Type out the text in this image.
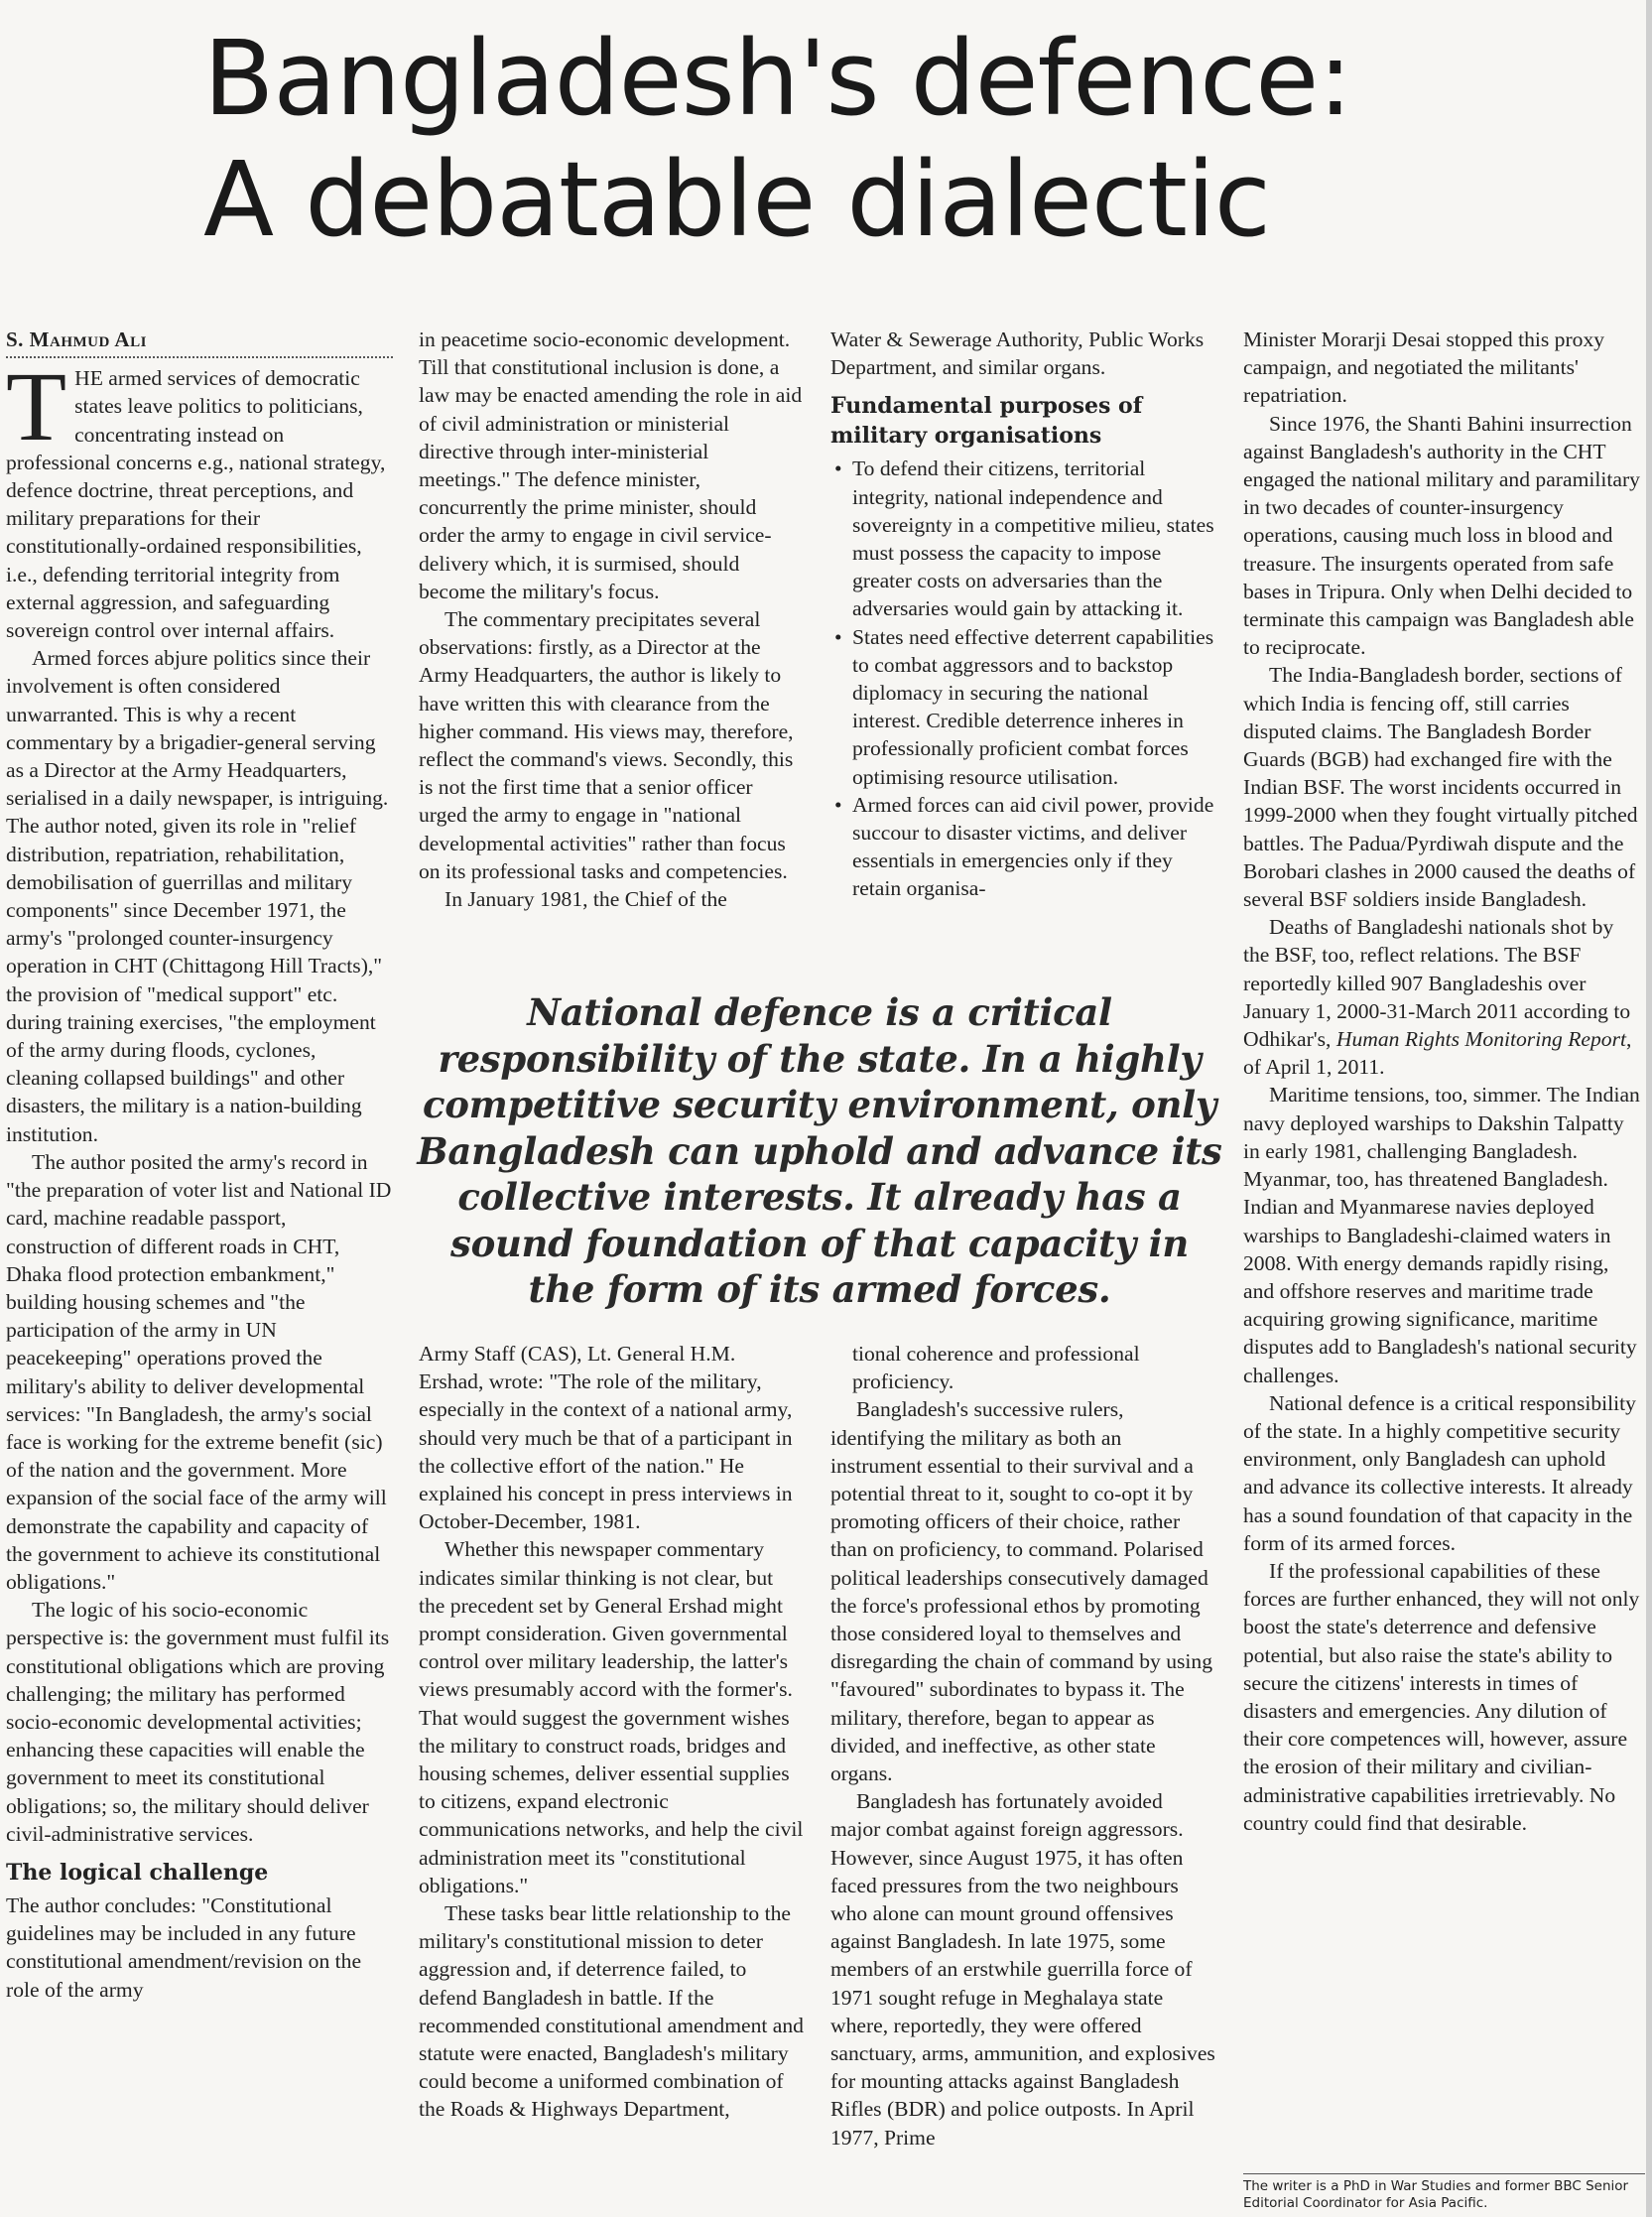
Bangladesh's defence:
A debatable dialectic
S. Mahmud Ali

THE armed services of democratic states leave politics to politicians, concentrating instead on professional concerns e.g., national strategy, defence doctrine, threat perceptions, and military preparations for their constitutionally-ordained responsibilities, i.e., defending territorial integrity from external aggression, and safeguarding sovereign control over internal affairs.

Armed forces abjure politics since their involvement is often considered unwarranted. This is why a recent commentary by a brigadier-general serving as a Director at the Army Headquarters, serialised in a daily newspaper, is intriguing. The author noted, given its role in "relief distribution, repatriation, rehabilitation, demobilisation of guerrillas and military components" since December 1971, the army's "prolonged counter-insurgency operation in CHT (Chittagong Hill Tracts)," the provision of "medical support" etc. during training exercises, "the employment of the army during floods, cyclones, cleaning collapsed buildings" and other disasters, the military is a nation-building institution.

The author posited the army's record in "the preparation of voter list and National ID card, machine readable passport, construction of different roads in CHT, Dhaka flood protection embankment," building housing schemes and "the participation of the army in UN peacekeeping" operations proved the military's ability to deliver developmental services: "In Bangladesh, the army's social face is working for the extreme benefit (sic) of the nation and the government. More expansion of the social face of the army will demonstrate the capability and capacity of the government to achieve its constitutional obligations."

The logic of his socio-economic perspective is: the government must fulfil its constitutional obligations which are proving challenging; the military has performed socio-economic developmental activities; enhancing these capacities will enable the government to meet its constitutional obligations; so, the military should deliver civil-administrative services.

The logical challenge

The author concludes: "Constitutional guidelines may be included in any future constitutional amendment/revision on the role of the army

in peacetime socio-economic development. Till that constitutional inclusion is done, a law may be enacted amending the role in aid of civil administration or ministerial directive through inter-ministerial meetings." The defence minister, concurrently the prime minister, should order the army to engage in civil service-delivery which, it is surmised, should become the military's focus.

The commentary precipitates several observations: firstly, as a Director at the Army Headquarters, the author is likely to have written this with clearance from the higher command. His views may, therefore, reflect the command's views. Secondly, this is not the first time that a senior officer urged the army to engage in "national developmental activities" rather than focus on its professional tasks and competencies.

In January 1981, the Chief of the

National defence is a critical responsibility of the state. In a highly competitive security environment, only Bangladesh can uphold and advance its collective interests. It already has a sound foundation of that capacity in the form of its armed forces.

Army Staff (CAS), Lt. General H.M. Ershad, wrote: "The role of the military, especially in the context of a national army, should very much be that of a participant in the collective effort of the nation." He explained his concept in press interviews in October-December, 1981.

Whether this newspaper commentary indicates similar thinking is not clear, but the precedent set by General Ershad might prompt consideration. Given governmental control over military leadership, the latter's views presumably accord with the former's. That would suggest the government wishes the military to construct roads, bridges and housing schemes, deliver essential supplies to citizens, expand electronic communications networks, and help the civil administration meet its "constitutional obligations."

These tasks bear little relationship to the military's constitutional mission to deter aggression and, if deterrence failed, to defend Bangladesh in battle. If the recommended constitutional amendment and statute were enacted, Bangladesh's military could become a uniformed combination of the Roads & Highways Department,

Water & Sewerage Authority, Public Works Department, and similar organs.

Fundamental purposes of military organisations
• To defend their citizens, territorial integrity, national independence and sovereignty in a competitive milieu, states must possess the capacity to impose greater costs on adversaries than the adversaries would gain by attacking it.
• States need effective deterrent capabilities to combat aggressors and to backstop diplomacy in securing the national interest. Credible deterrence inheres in professionally proficient combat forces optimising resource utilisation.
• Armed forces can aid civil power, provide succour to disaster victims, and deliver essentials in emergencies only if they retain organisa-

tional coherence and professional proficiency.

Bangladesh's successive rulers, identifying the military as both an instrument essential to their survival and a potential threat to it, sought to co-opt it by promoting officers of their choice, rather than on proficiency, to command. Polarised political leaderships consecutively damaged the force's professional ethos by promoting those considered loyal to themselves and disregarding the chain of command by using "favoured" subordinates to bypass it. The military, therefore, began to appear as divided, and ineffective, as other state organs.

Bangladesh has fortunately avoided major combat against foreign aggressors. However, since August 1975, it has often faced pressures from the two neighbours who alone can mount ground offensives against Bangladesh. In late 1975, some members of an erstwhile guerrilla force of 1971 sought refuge in Meghalaya state where, reportedly, they were offered sanctuary, arms, ammunition, and explosives for mounting attacks against Bangladesh Rifles (BDR) and police outposts. In April 1977, Prime

Minister Morarji Desai stopped this proxy campaign, and negotiated the militants' repatriation.

Since 1976, the Shanti Bahini insurrection against Bangladesh's authority in the CHT engaged the national military and paramilitary in two decades of counter-insurgency operations, causing much loss in blood and treasure. The insurgents operated from safe bases in Tripura. Only when Delhi decided to terminate this campaign was Bangladesh able to reciprocate.

The India-Bangladesh border, sections of which India is fencing off, still carries disputed claims. The Bangladesh Border Guards (BGB) had exchanged fire with the Indian BSF. The worst incidents occurred in 1999-2000 when they fought virtually pitched battles. The Padua/Pyrdiwah dispute and the Borobari clashes in 2000 caused the deaths of several BSF soldiers inside Bangladesh.

Deaths of Bangladeshi nationals shot by the BSF, too, reflect relations. The BSF reportedly killed 907 Bangladeshis over January 1, 2000-31-March 2011 according to Odhikar's, Human Rights Monitoring Report, of April 1, 2011.

Maritime tensions, too, simmer. The Indian navy deployed warships to Dakshin Talpatty in early 1981, challenging Bangladesh. Myanmar, too, has threatened Bangladesh. Indian and Myanmarese navies deployed warships to Bangladeshi-claimed waters in 2008. With energy demands rapidly rising, and offshore reserves and maritime trade acquiring growing significance, maritime disputes add to Bangladesh's national security challenges.

National defence is a critical responsibility of the state. In a highly competitive security environment, only Bangladesh can uphold and advance its collective interests. It already has a sound foundation of that capacity in the form of its armed forces.

If the professional capabilities of these forces are further enhanced, they will not only boost the state's deterrence and defensive potential, but also raise the state's ability to secure the citizens' interests in times of disasters and emergencies. Any dilution of their core competences will, however, assure the erosion of their military and civilian-administrative capabilities irretrievably. No country could find that desirable.

The writer is a PhD in War Studies and former BBC Senior Editorial Coordinator for Asia Pacific.
